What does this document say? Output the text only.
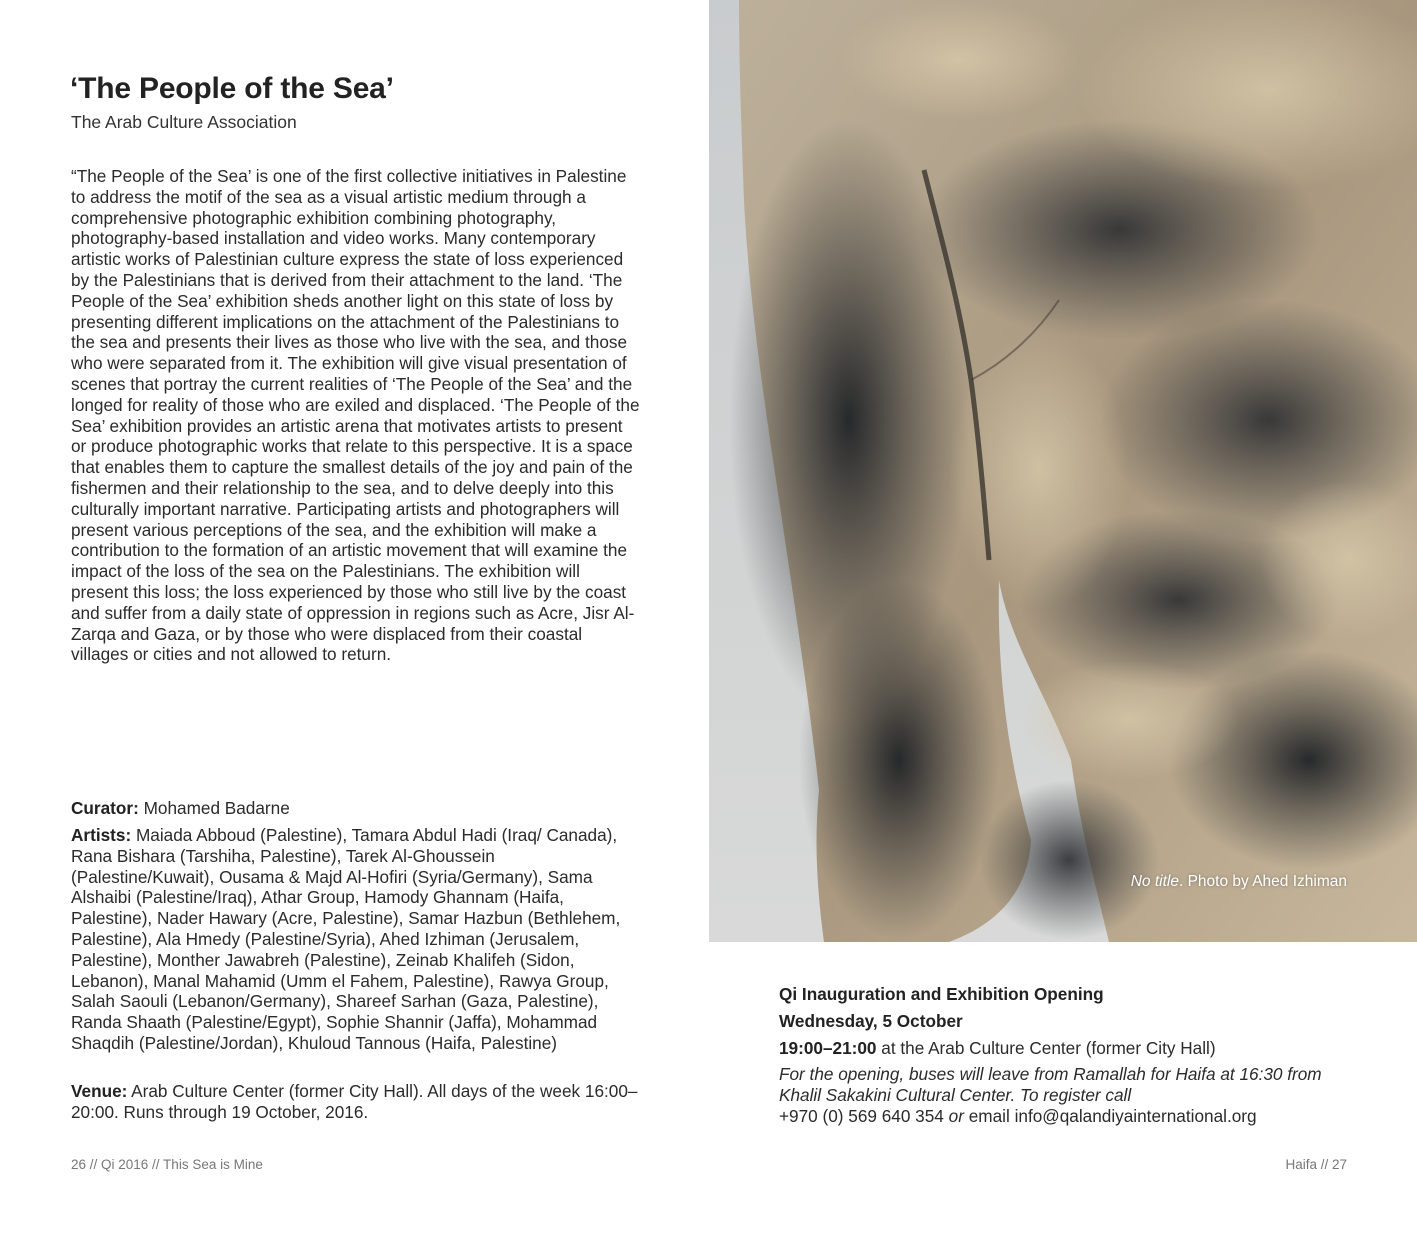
‘The People of the Sea’
The Arab Culture Association

“The People of the Sea’ is one of the first collective initiatives in Palestine to address the motif of the sea as a visual artistic medium through a comprehensive photographic exhibition combining photography, photography-based installation and video works. Many contemporary artistic works of Palestinian culture express the state of loss experienced by the Palestinians that is derived from their attachment to the land. ‘The People of the Sea’ exhibition sheds another light on this state of loss by presenting different implications on the attachment of the Palestinians to the sea and presents their lives as those who live with the sea, and those who were separated from it. The exhibition will give visual presentation of scenes that portray the current realities of ‘The People of the Sea’ and the longed for reality of those who are exiled and displaced. ‘The People of the Sea’ exhibition provides an artistic arena that motivates artists to present or produce photographic works that relate to this perspective. It is a space that enables them to capture the smallest details of the joy and pain of the fishermen and their relationship to the sea, and to delve deeply into this culturally important narrative. Participating artists and photographers will present various perceptions of the sea, and the exhibition will make a contribution to the formation of an artistic movement that will examine the impact of the loss of the sea on the Palestinians. The exhibition will present this loss; the loss experienced by those who still live by the coast and suffer from a daily state of oppression in regions such as Acre, Jisr Al-Zarqa and Gaza, or by those who were displaced from their coastal villages or cities and not allowed to return.

Curator: Mohamed Badarne
Artists: Maiada Abboud (Palestine), Tamara Abdul Hadi (Iraq/ Canada), Rana Bishara (Tarshiha, Palestine), Tarek Al-Ghoussein (Palestine/Kuwait), Ousama & Majd Al-Hofiri (Syria/Germany), Sama Alshaibi (Palestine/Iraq), Athar Group, Hamody Ghannam (Haifa, Palestine), Nader Hawary (Acre, Palestine), Samar Hazbun (Bethlehem, Palestine), Ala Hmedy (Palestine/Syria), Ahed Izhiman (Jerusalem, Palestine), Monther Jawabreh (Palestine), Zeinab Khalifeh (Sidon, Lebanon), Manal Mahamid (Umm el Fahem, Palestine), Rawya Group, Salah Saouli (Lebanon/Germany), Shareef Sarhan (Gaza, Palestine), Randa Shaath (Palestine/Egypt), Sophie Shannir (Jaffa), Mohammad Shaqdih (Palestine/Jordan), Khuloud Tannous (Haifa, Palestine)
Venue: Arab Culture Center (former City Hall). All days of the week 16:00–20:00. Runs through 19 October, 2016.
26 // Qi 2016 // This Sea is Mine
No title. Photo by Ahed Izhiman
Qi Inauguration and Exhibition Opening
Wednesday, 5 October
19:00–21:00 at the Arab Culture Center (former City Hall)
For the opening, buses will leave from Ramallah for Haifa at 16:30 from Khalil Sakakini Cultural Center. To register call
+970 (0) 569 640 354 or email info@qalandiyainternational.org
Haifa // 27
